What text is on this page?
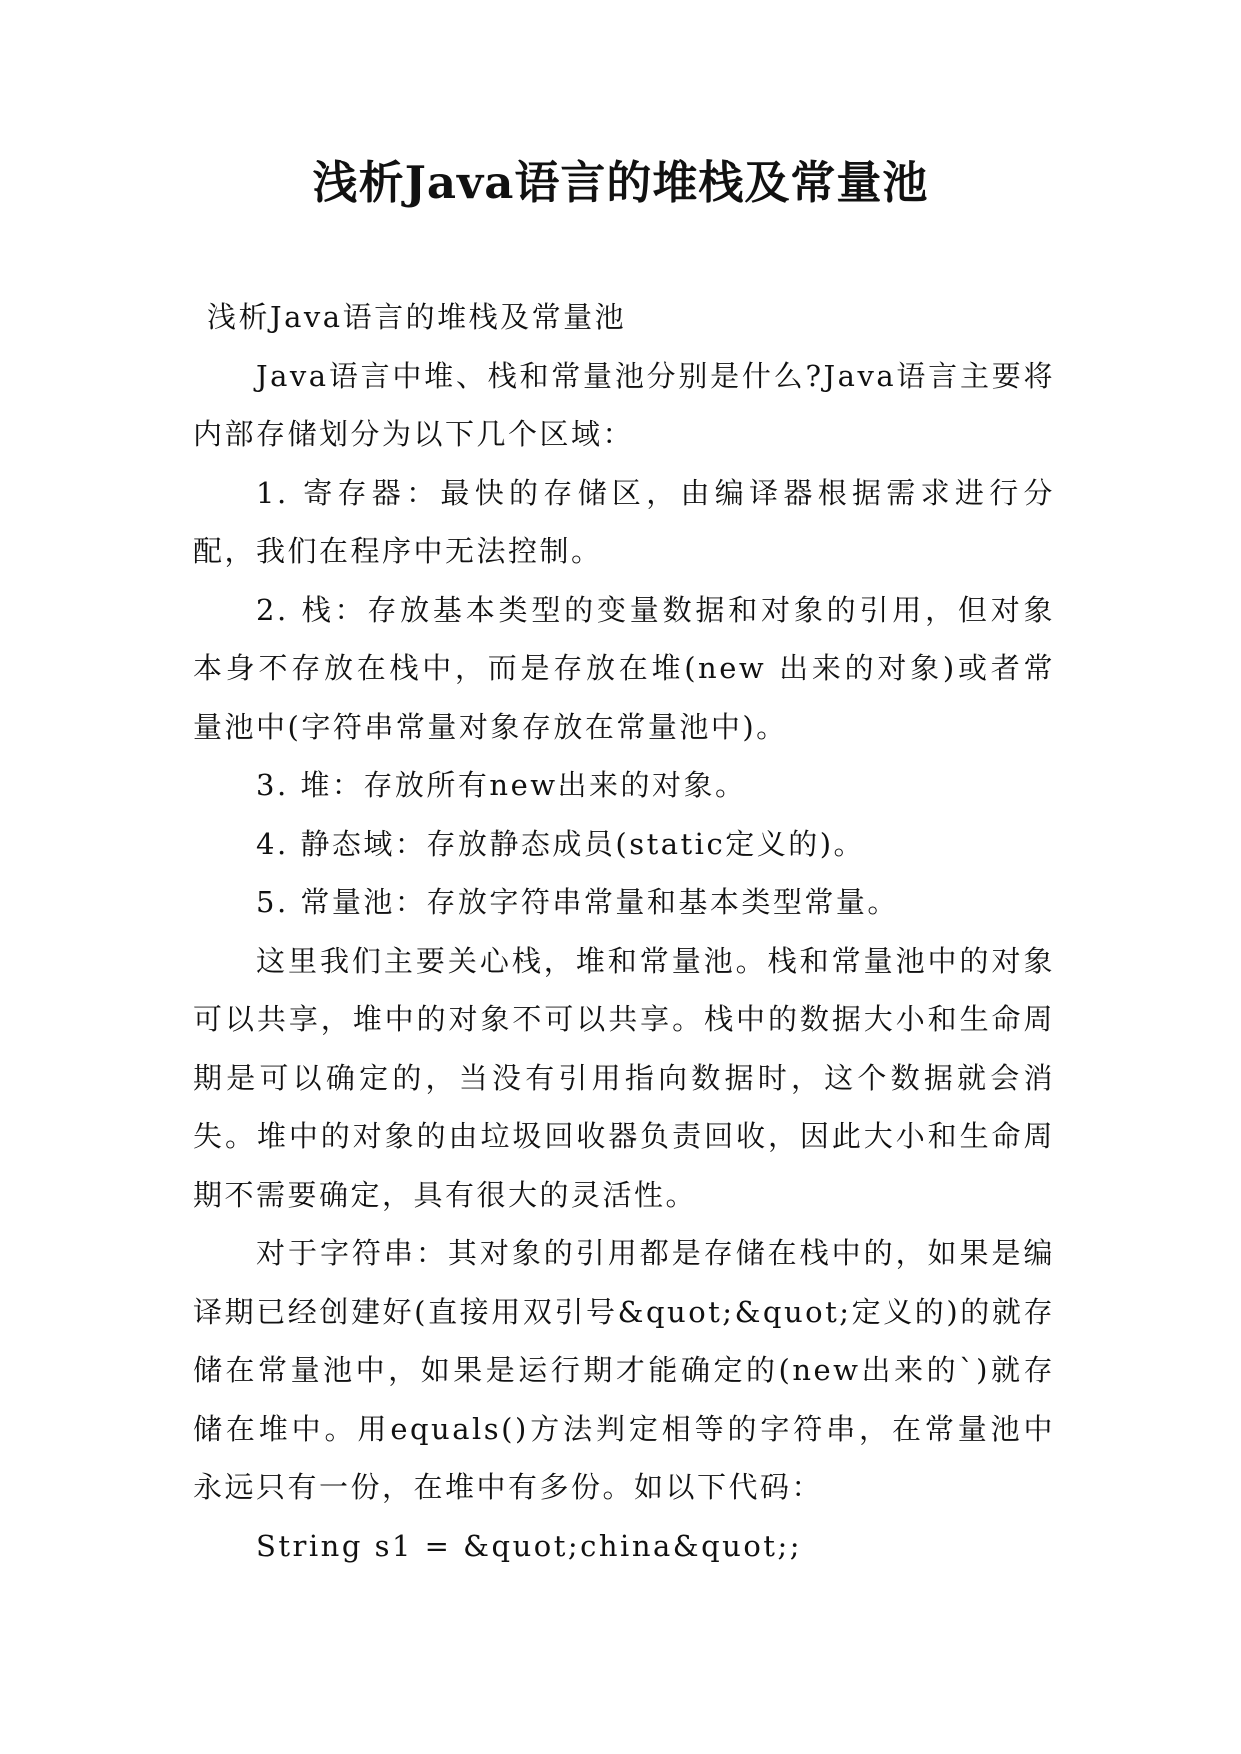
浅析Java语言的堆栈及常量池

浅析Java语言的堆栈及常量池

Java语言中堆、栈和常量池分别是什么?Java语言主要将内部存储划分为以下几个区域：

1. 寄存器：最快的存储区，由编译器根据需求进行分配，我们在程序中无法控制。

2. 栈：存放基本类型的变量数据和对象的引用，但对象本身不存放在栈中，而是存放在堆(new 出来的对象)或者常量池中(字符串常量对象存放在常量池中)。

3. 堆：存放所有new出来的对象。

4. 静态域：存放静态成员(static定义的)。

5. 常量池：存放字符串常量和基本类型常量。

这里我们主要关心栈，堆和常量池。栈和常量池中的对象可以共享，堆中的对象不可以共享。栈中的数据大小和生命周期是可以确定的，当没有引用指向数据时，这个数据就会消失。堆中的对象的由垃圾回收器负责回收，因此大小和生命周期不需要确定，具有很大的灵活性。

对于字符串：其对象的引用都是存储在栈中的，如果是编译期已经创建好(直接用双引号&quot;&quot;定义的)的就存储在常量池中，如果是运行期才能确定的(new出来的`)就存储在堆中。用equals()方法判定相等的字符串，在常量池中永远只有一份，在堆中有多份。如以下代码：

String s1 = &quot;china&quot;;
